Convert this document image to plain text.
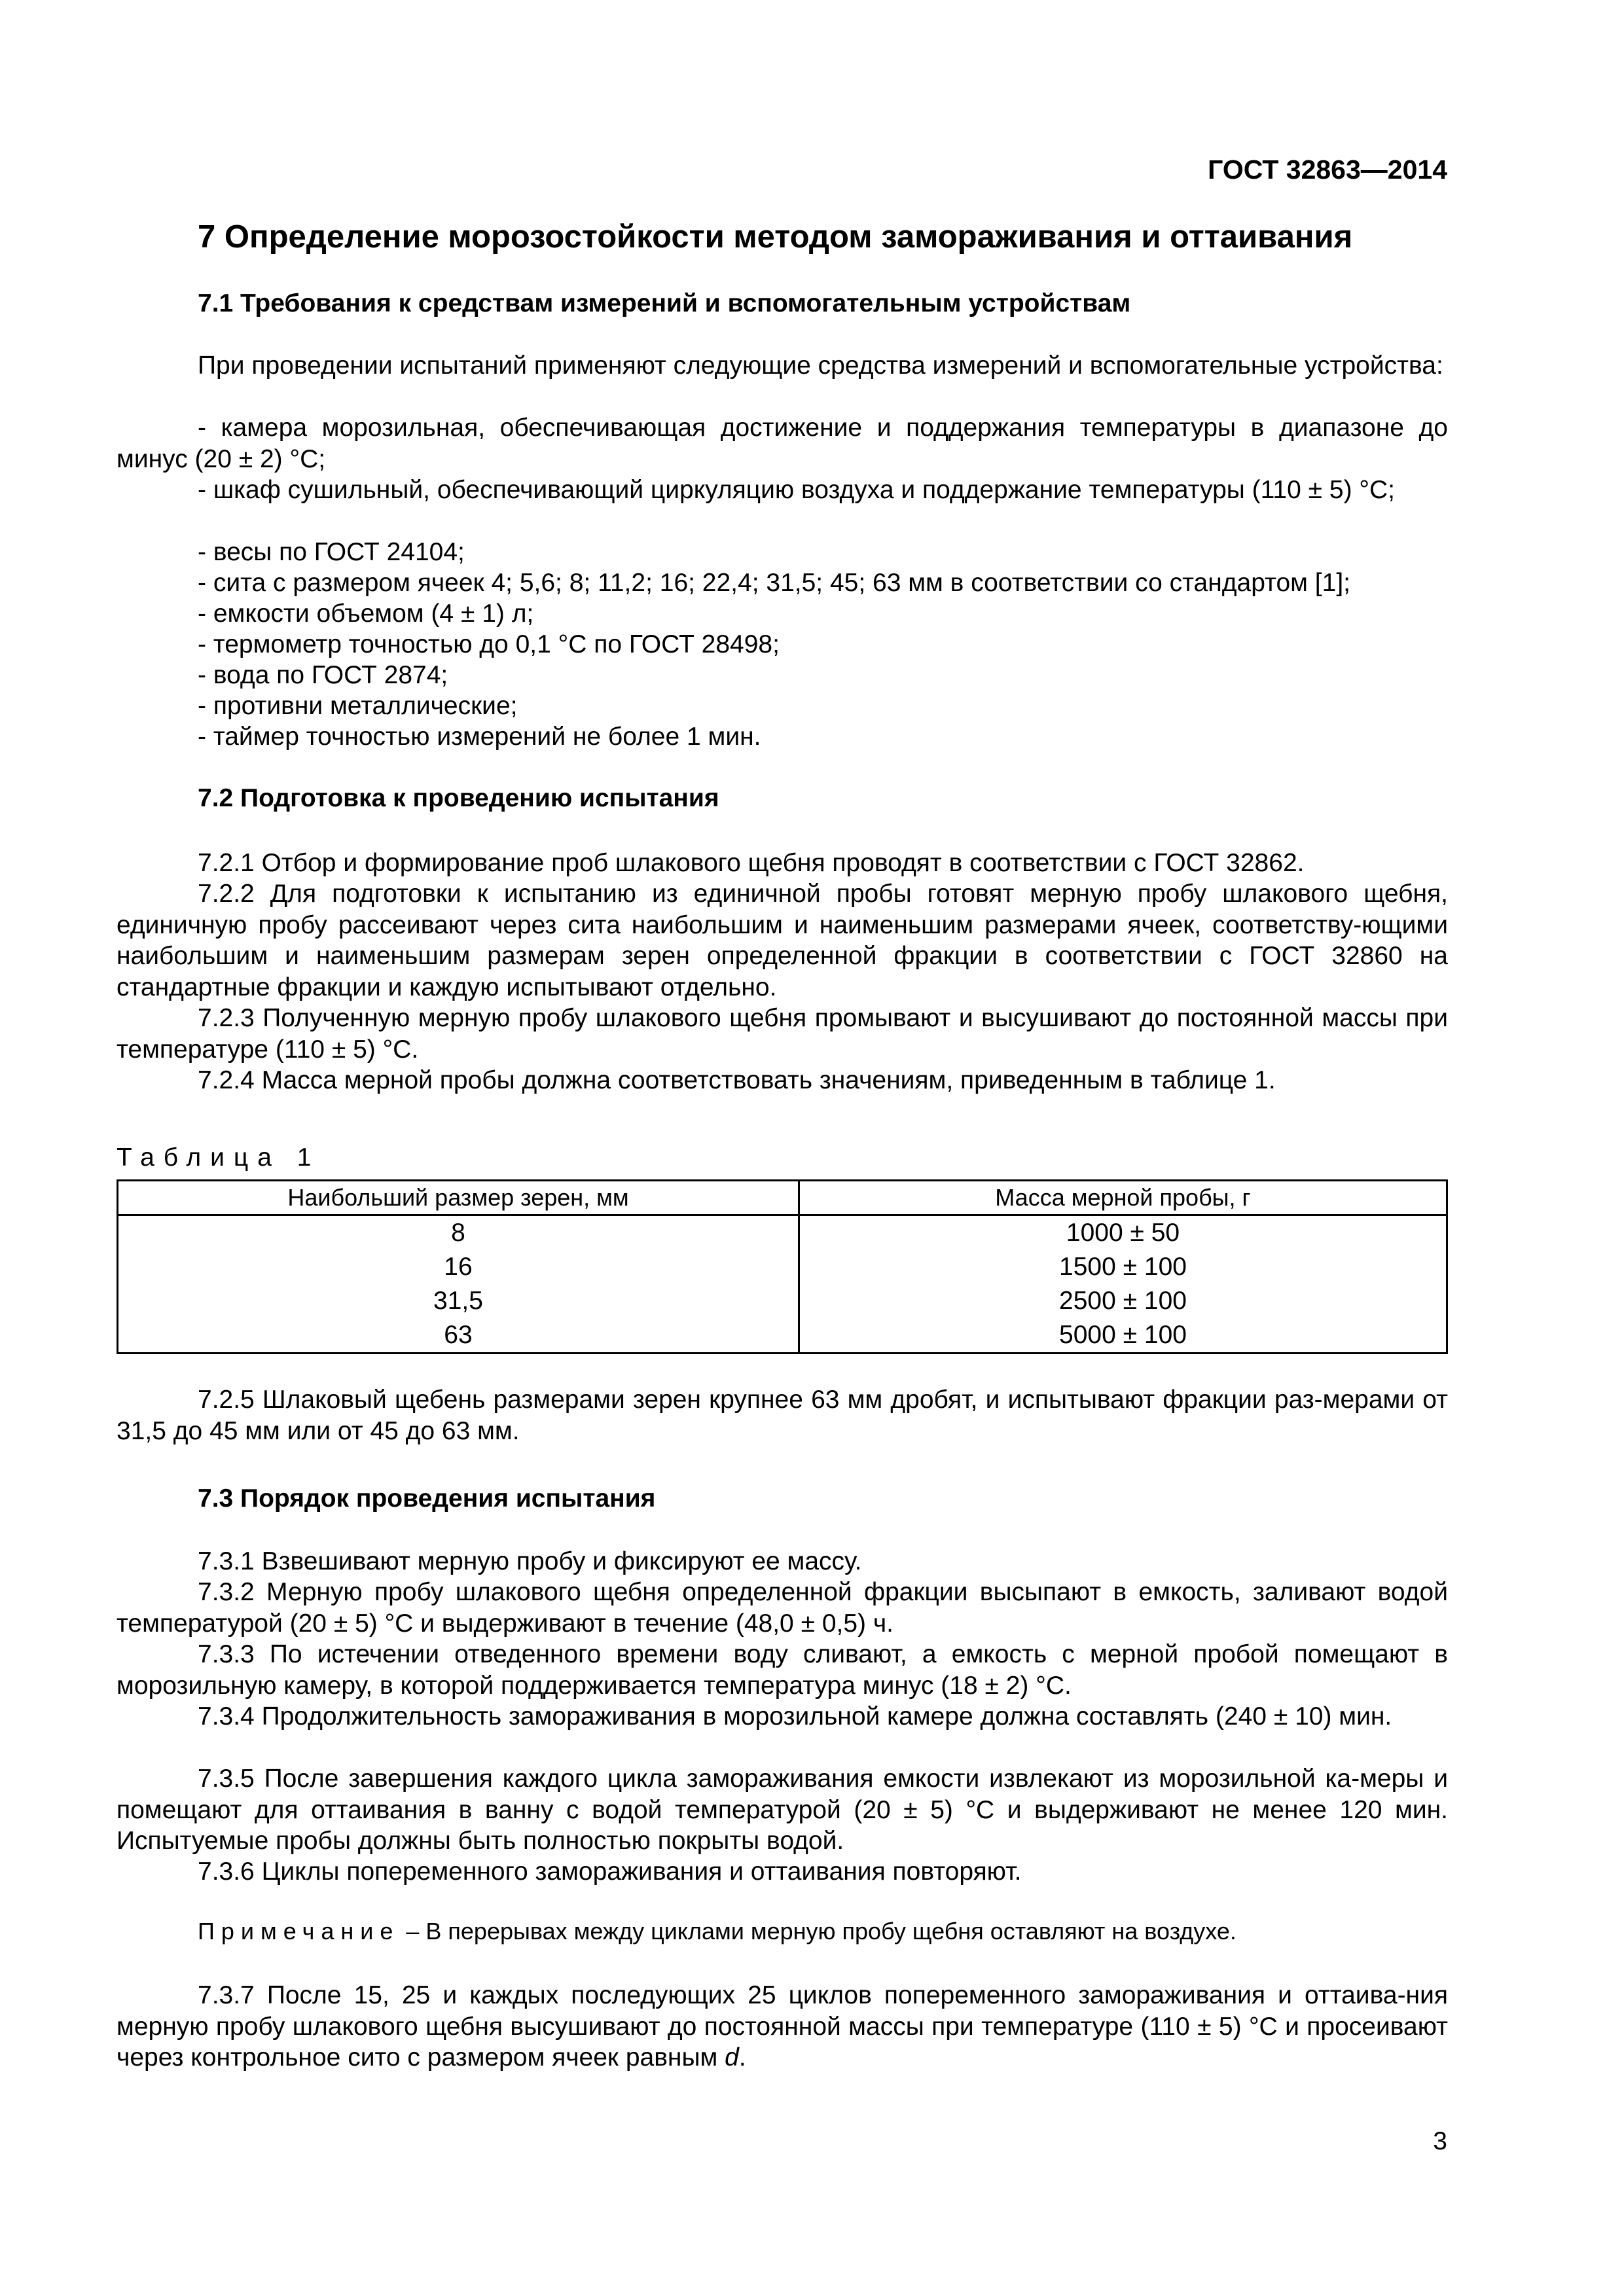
ГОСТ 32863—2014
7 Определение морозостойкости методом замораживания и оттаивания
7.1 Требования к средствам измерений и вспомогательным устройствам
При проведении испытаний применяют следующие средства измерений и вспомогательные устройства:
- камера морозильная, обеспечивающая достижение и поддержания температуры в диапазоне до минус (20 ± 2) °С;
- шкаф сушильный, обеспечивающий циркуляцию воздуха и поддержание температуры (110 ± 5) °С;
- весы по ГОСТ 24104;
- сита с размером ячеек 4; 5,6; 8; 11,2; 16; 22,4; 31,5; 45; 63 мм в соответствии со стандартом [1];
- емкости объемом (4 ± 1) л;
- термометр точностью до 0,1 °С по ГОСТ 28498;
- вода по ГОСТ 2874;
- противни металлические;
- таймер точностью измерений не более 1 мин.
7.2 Подготовка к проведению испытания
7.2.1 Отбор и формирование проб шлакового щебня проводят в соответствии с ГОСТ 32862.
7.2.2 Для подготовки к испытанию из единичной пробы готовят мерную пробу шлакового щебня, единичную пробу рассеивают через сита наибольшим и наименьшим размерами ячеек, соответству-ющими наибольшим и наименьшим размерам зерен определенной фракции в соответствии с ГОСТ 32860 на стандартные фракции и каждую испытывают отдельно.
7.2.3 Полученную мерную пробу шлакового щебня промывают и высушивают до постоянной массы при температуре (110 ± 5) °С.
7.2.4 Масса мерной пробы должна соответствовать значениям, приведенным в таблице 1.
Таблица 1
Наибольший размер зерен, мм	Масса мерной пробы, г
8	1000 ± 50
16	1500 ± 100
31,5	2500 ± 100
63	5000 ± 100
7.2.5 Шлаковый щебень размерами зерен крупнее 63 мм дробят, и испытывают фракции раз-мерами от 31,5 до 45 мм или от 45 до 63 мм.
7.3 Порядок проведения испытания
7.3.1 Взвешивают мерную пробу и фиксируют ее массу.
7.3.2 Мерную пробу шлакового щебня определенной фракции высыпают в емкость, заливают водой температурой (20 ± 5) °С и выдерживают в течение (48,0 ± 0,5) ч.
7.3.3 По истечении отведенного времени воду сливают, а емкость с мерной пробой помещают в морозильную камеру, в которой поддерживается температура минус (18 ± 2) °С.
7.3.4 Продолжительность замораживания в морозильной камере должна составлять (240 ± 10) мин.
7.3.5 После завершения каждого цикла замораживания емкости извлекают из морозильной ка-меры и помещают для оттаивания в ванну с водой температурой (20 ± 5) °С и выдерживают не менее 120 мин. Испытуемые пробы должны быть полностью покрыты водой.
7.3.6 Циклы попеременного замораживания и оттаивания повторяют.
Примечание – В перерывах между циклами мерную пробу щебня оставляют на воздухе.
7.3.7 После 15, 25 и каждых последующих 25 циклов попеременного замораживания и оттаива-ния мерную пробу шлакового щебня высушивают до постоянной массы при температуре (110 ± 5) °С и просеивают через контрольное сито с размером ячеек равным d.
3
